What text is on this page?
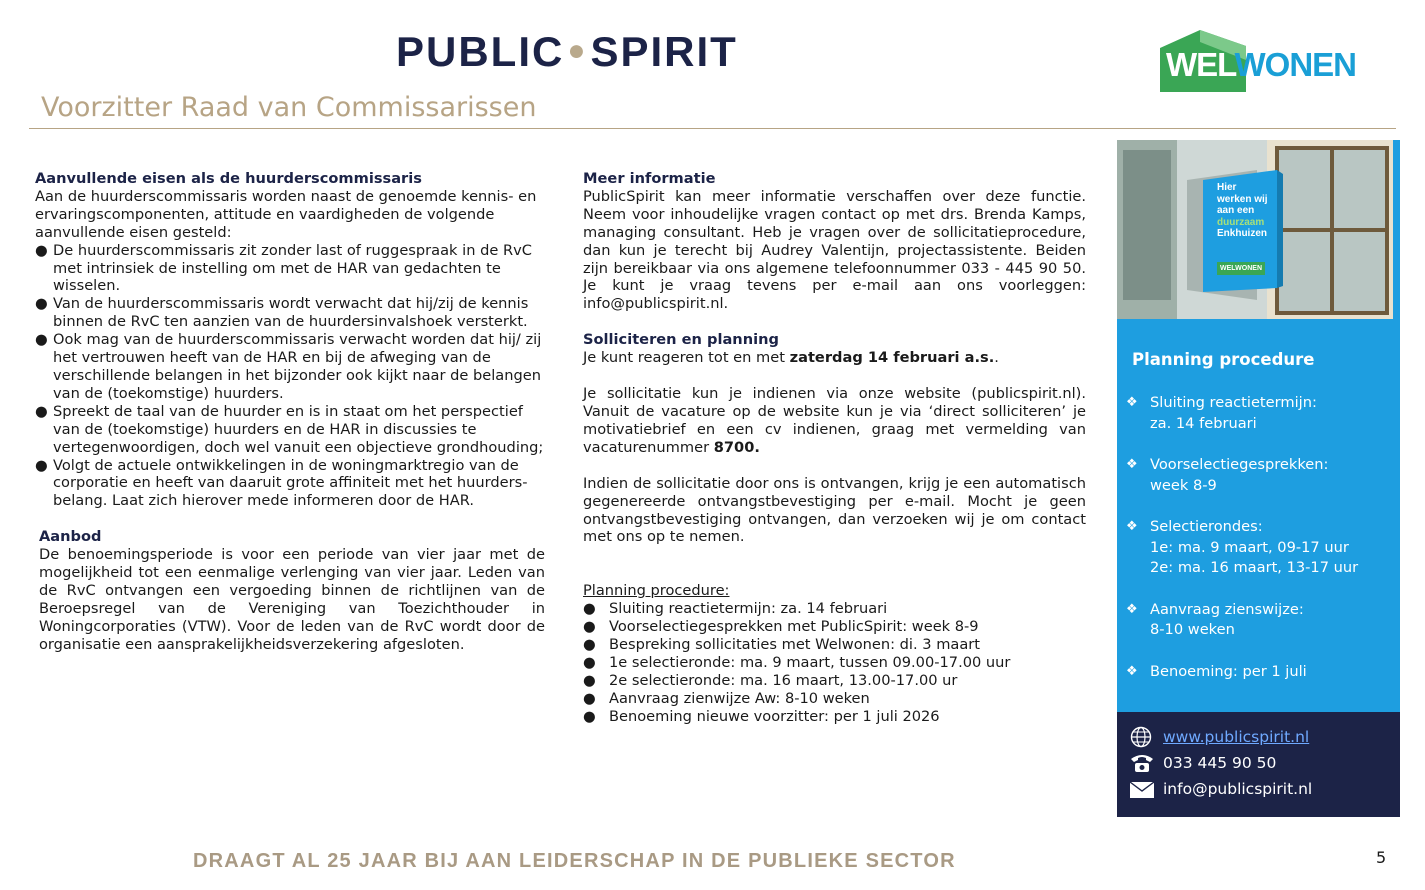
PUBLIC ●SPIRIT	WELWONEN
Voorzitter Raad van Commissarissen
Aanvullende eisen als de huurderscommissaris

Aan de huurderscommissaris worden naast de genoemde kennis- en ervaringscomponenten, attitude en vaardigheden de volgende aanvullende eisen gesteld:

● De huurderscommissaris zit zonder last of ruggespraak in de RvC met intrinsiek de instelling om met de HAR van gedachten te wisselen.
● Van de huurderscommissaris wordt verwacht dat hij/zij de kennis binnen de RvC ten aanzien van de huurdersinvalshoek versterkt.
● Ook mag van de huurderscommissaris verwacht worden dat hij/ zij het vertrouwen heeft van de HAR en bij de afweging van de verschillende belangen in het bijzonder ook kijkt naar de belangen van de (toekomstige) huurders.
● Spreekt de taal van de huurder en is in staat om het perspectief van de (toekomstige) huurders en de HAR in discussies te vertegenwoordigen, doch wel vanuit een objectieve grondhouding;
● Volgt de actuele ontwikkelingen in de woningmarktregio van de corporatie en heeft van daaruit grote affiniteit met het huurders-belang. Laat zich hierover mede informeren door de HAR.
Aanbod

De benoemingsperiode is voor een periode van vier jaar met de mogelijkheid tot een eenmalige verlenging van vier jaar. Leden van de RvC ontvangen een vergoeding binnen de richtlijnen van de Beroepsregel van de Vereniging van Toezichthouder in Woningcorporaties (VTW). Voor de leden van de RvC wordt door de organisatie een aansprakelijkheidsverzekering afgesloten.

Meer informatie

PublicSpirit kan meer informatie verschaffen over deze functie. Neem voor inhoudelijke vragen contact op met drs. Brenda Kamps, managing consultant. Heb je vragen over de sollicitatieprocedure, dan kun je terecht bij Audrey Valentijn, projectassistente. Beiden zijn bereikbaar via ons algemene telefoonnummer 033 - 445 90 50. Je kunt je vraag tevens per e-mail aan ons voorleggen: info@publicspirit.nl.

Solliciteren en planning

Je kunt reageren tot en met zaterdag 14 februari a.s..

Je sollicitatie kun je indienen via onze website (publicspirit.nl). Vanuit de vacature op de website kun je via ‘direct solliciteren’ je motivatiebrief en een cv indienen, graag met vermelding van vacaturenummer 8700.

Indien de sollicitatie door ons is ontvangen, krijg je een automatisch gegenereerde ontvangstbevestiging per e-mail. Mocht je geen ontvangstbevestiging ontvangen, dan verzoeken wij je om contact met ons op te nemen.

Planning procedure:

● Sluiting reactietermijn: za. 14 februari
● Voorselectiegesprekken met PublicSpirit: week 8-9
● Bespreking sollicitaties met Welwonen: di. 3 maart
● 1e selectieronde: ma. 9 maart, tussen 09.00-17.00 uur
● 2e selectieronde: ma. 16 maart, 13.00-17.00 ur
● Aanvraag zienwijze Aw: 8-10 weken
● Benoeming nieuwe voorzitter: per 1 juli 2026
Hier
werken wij
aan een
duurzaam
Enkhuizen
WELWONEN
Planning procedure
❖ Sluiting reactietermijn:
za. 14 februari
❖ Voorselectiegesprekken:
week 8-9
❖ Selectierondes:
1e: ma. 9 maart, 09-17 uur
2e: ma. 16 maart, 13-17 uur
❖ Aanvraag zienswijze:
8-10 weken
❖ Benoeming: per 1 juli
www.publicspirit.nl
033 445 90 50
info@publicspirit.nl
DRAAGT AL 25 JAAR BIJ AAN LEIDERSCHAP IN DE PUBLIEKE SECTOR	5
